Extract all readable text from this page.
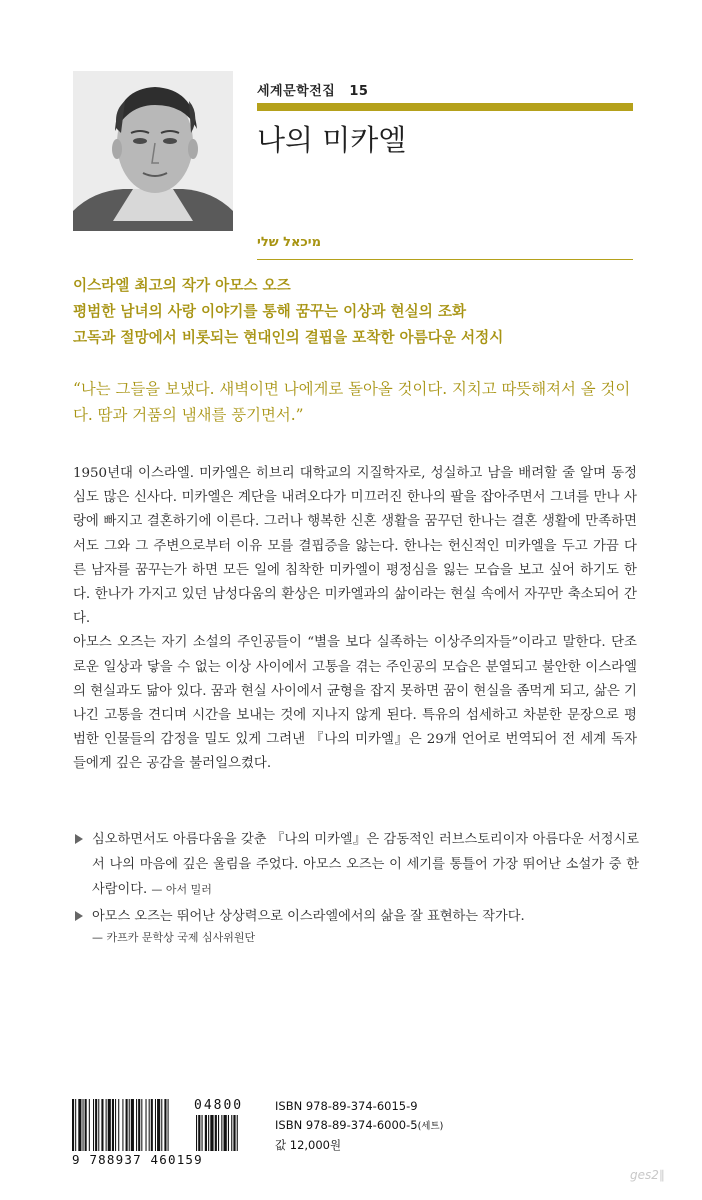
세계문학전집 15
나의 미카엘
מיכאל שלי
이스라엘 최고의 작가 아모스 오즈
평범한 남녀의 사랑 이야기를 통해 꿈꾸는 이상과 현실의 조화
고독과 절망에서 비롯되는 현대인의 결핍을 포착한 아름다운 서정시
“나는 그들을 보냈다. 새벽이면 나에게로 돌아올 것이다. 지치고 따뜻해져서 올 것이다. 땀과 거품의 냄새를 풍기면서.”

1950년대 이스라엘. 미카엘은 히브리 대학교의 지질학자로, 성실하고 남을 배려할 줄 알며 동정심도 많은 신사다. 미카엘은 계단을 내려오다가 미끄러진 한나의 팔을 잡아주면서 그녀를 만나 사랑에 빠지고 결혼하기에 이른다. 그러나 행복한 신혼 생활을 꿈꾸던 한나는 결혼 생활에 만족하면서도 그와 그 주변으로부터 이유 모를 결핍증을 앓는다. 한나는 헌신적인 미카엘을 두고 가끔 다른 남자를 꿈꾸는가 하면 모든 일에 침착한 미카엘이 평정심을 잃는 모습을 보고 싶어 하기도 한다. 한나가 가지고 있던 남성다움의 환상은 미카엘과의 삶이라는 현실 속에서 자꾸만 축소되어 간다.

아모스 오즈는 자기 소설의 주인공들이 “별을 보다 실족하는 이상주의자들”이라고 말한다. 단조로운 일상과 닿을 수 없는 이상 사이에서 고통을 겪는 주인공의 모습은 분열되고 불안한 이스라엘의 현실과도 닮아 있다. 꿈과 현실 사이에서 균형을 잡지 못하면 꿈이 현실을 좀먹게 되고, 삶은 기나긴 고통을 견디며 시간을 보내는 것에 지나지 않게 된다. 특유의 섬세하고 차분한 문장으로 평범한 인물들의 감정을 밀도 있게 그려낸 『나의 미카엘』은 29개 언어로 번역되어 전 세계 독자들에게 깊은 공감을 불러일으켰다.

심오하면서도 아름다움을 갖춘 『나의 미카엘』은 감동적인 러브스토리이자 아름다운 서정시로서 나의 마음에 깊은 울림을 주었다. 아모스 오즈는 이 세기를 통틀어 가장 뛰어난 소설가 중 한 사람이다. — 아서 밀러
아모스 오즈는 뛰어난 상상력으로 이스라엘에서의 삶을 잘 표현하는 작가다.
— 카프카 문학상 국제 심사위원단
04800
9 788937 460159
ISBN 978-89-374-6015-9
ISBN 978-89-374-6000-5(세트)
값 12,000원
ges2∥
